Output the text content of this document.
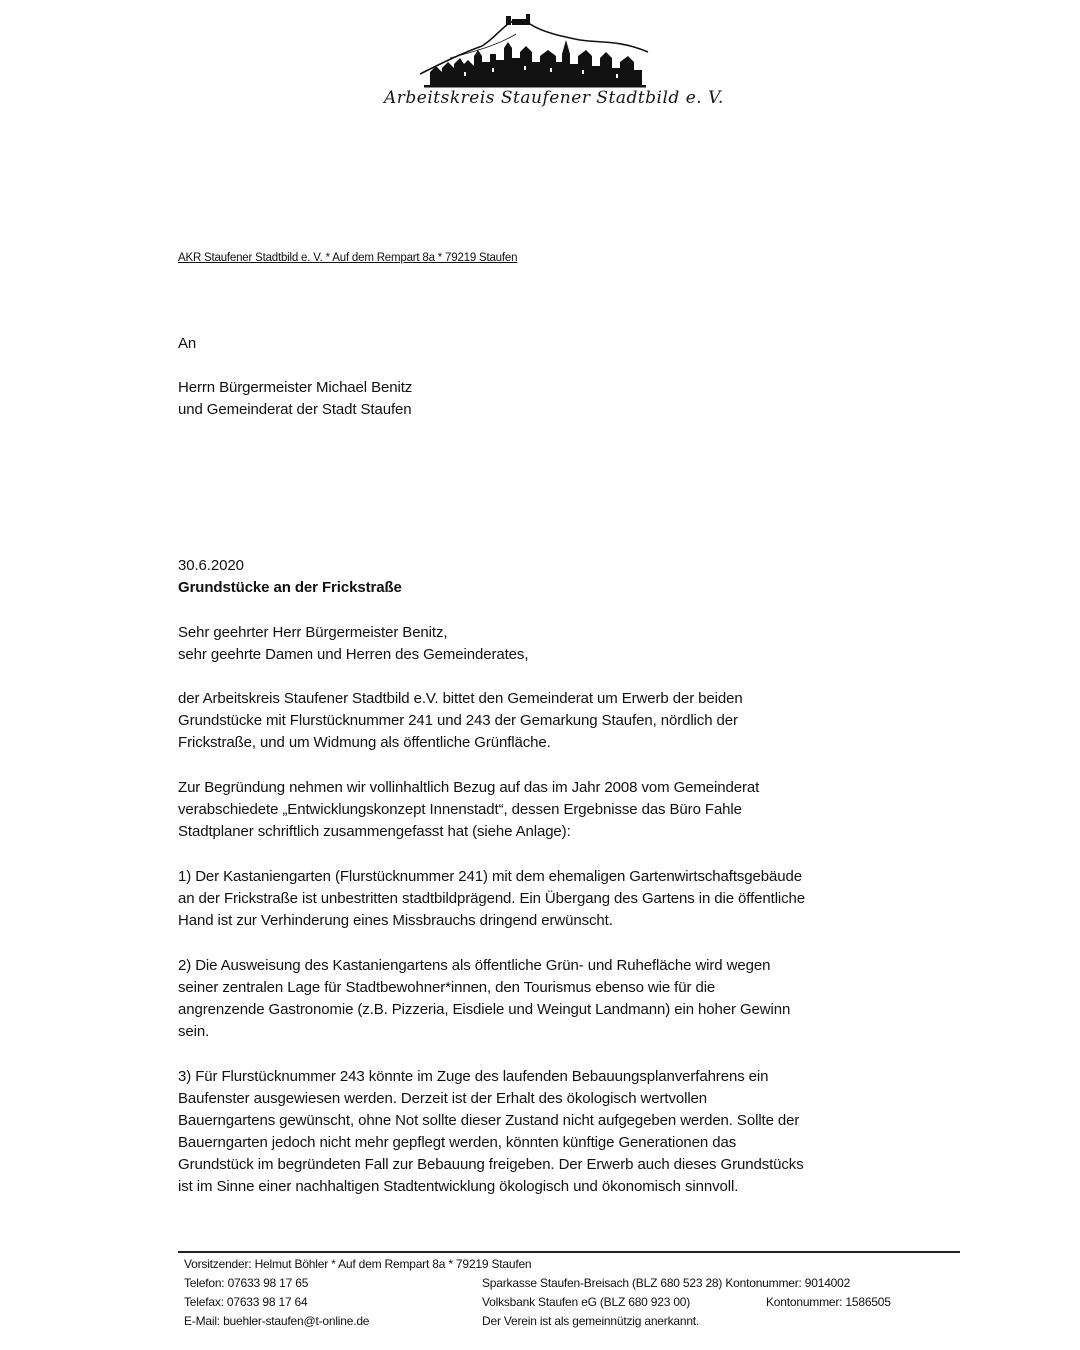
Arbeitskreis Staufener Stadtbild e. V.
AKR Staufener Stadtbild e. V. * Auf dem Rempart 8a * 79219 Staufen
An
Herrn Bürgermeister Michael Benitz
und Gemeinderat der Stadt Staufen
30.6.2020
Grundstücke an der Frickstraße
Sehr geehrter Herr Bürgermeister Benitz,
sehr geehrte Damen und Herren des Gemeinderates,
der Arbeitskreis Staufener Stadtbild e.V. bittet den Gemeinderat um Erwerb der beiden
Grundstücke mit Flurstücknummer 241 und 243 der Gemarkung Staufen, nördlich der
Frickstraße, und um Widmung als öffentliche Grünfläche.
Zur Begründung nehmen wir vollinhaltlich Bezug auf das im Jahr 2008 vom Gemeinderat
verabschiedete „Entwicklungskonzept Innenstadt“, dessen Ergebnisse das Büro Fahle
Stadtplaner schriftlich zusammengefasst hat (siehe Anlage):
1) Der Kastaniengarten (Flurstücknummer 241) mit dem ehemaligen Gartenwirtschaftsgebäude
an der Frickstraße ist unbestritten stadtbildprägend. Ein Übergang des Gartens in die öffentliche
Hand ist zur Verhinderung eines Missbrauchs dringend erwünscht.
2) Die Ausweisung des Kastaniengartens als öffentliche Grün- und Ruhefläche wird wegen
seiner zentralen Lage für Stadtbewohner*innen, den Tourismus ebenso wie für die
angrenzende Gastronomie (z.B. Pizzeria, Eisdiele und Weingut Landmann) ein hoher Gewinn
sein.
3) Für Flurstücknummer 243 könnte im Zuge des laufenden Bebauungsplanverfahrens ein
Baufenster ausgewiesen werden. Derzeit ist der Erhalt des ökologisch wertvollen
Bauerngartens gewünscht, ohne Not sollte dieser Zustand nicht aufgegeben werden. Sollte der
Bauerngarten jedoch nicht mehr gepflegt werden, könnten künftige Generationen das
Grundstück im begründeten Fall zur Bebauung freigeben. Der Erwerb auch dieses Grundstücks
ist im Sinne einer nachhaltigen Stadtentwicklung ökologisch und ökonomisch sinnvoll.
Vorsitzender: Helmut Böhler * Auf dem Rempart 8a * 79219 Staufen
Telefon: 07633 98 17 65
Telefax: 07633 98 17 64
E-Mail: buehler-staufen@t-online.de
Sparkasse Staufen-Breisach (BLZ 680 523 28) Kontonummer: 9014002
Volksbank Staufen eG (BLZ 680 923 00)	Kontonummer: 1586505
Der Verein ist als gemeinnützig anerkannt.
